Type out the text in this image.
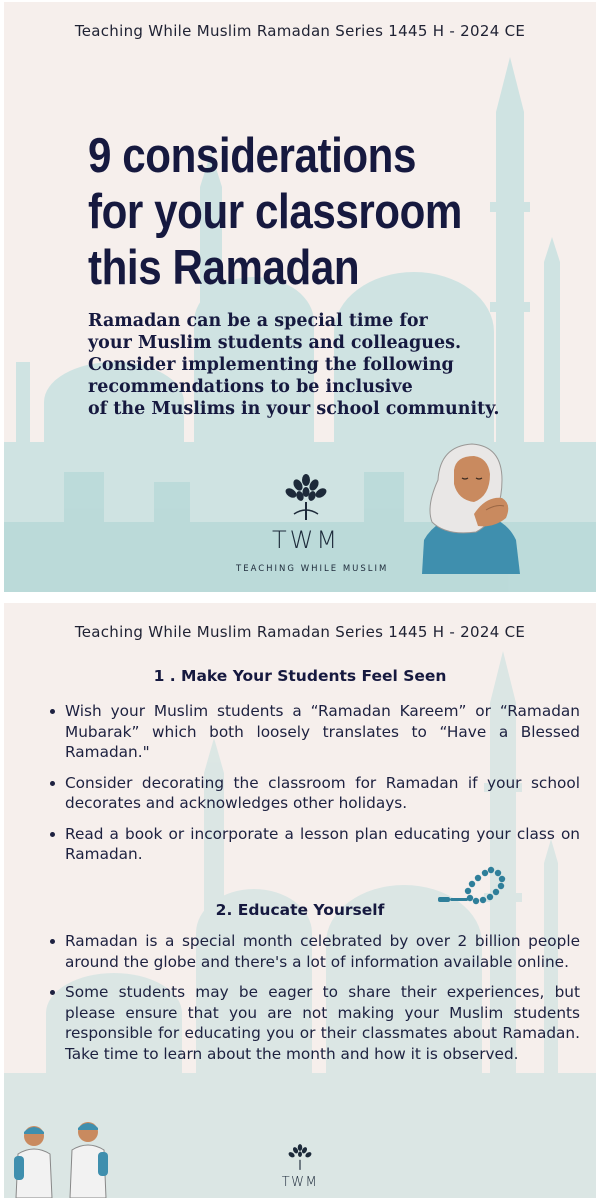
Teaching While Muslim Ramadan Series 1445 H - 2024 CE
9 considerations
for your classroom
this Ramadan
Ramadan can be a special time for
your Muslim students and colleagues.
Consider implementing the following
recommendations to be inclusive
of the Muslims in your school community.
TWM
TEACHING WHILE MUSLIM
Teaching While Muslim Ramadan Series 1445 H - 2024 CE
1 . Make Your Students Feel Seen
Wish your Muslim students a “Ramadan Kareem” or “Ramadan Mubarak” which both loosely translates to “Have a Blessed Ramadan."
Consider decorating the classroom for Ramadan if your school decorates and acknowledges other holidays.
Read a book or incorporate a lesson plan educating your class on Ramadan.
2. Educate Yourself
Ramadan is a special month celebrated by over 2 billion people around the globe and there's a lot of information available online.
Some students may be eager to share their experiences, but please ensure that you are not making your Muslim students responsible for educating you or their classmates about Ramadan. Take time to learn about the month and how it is observed.
TWM
